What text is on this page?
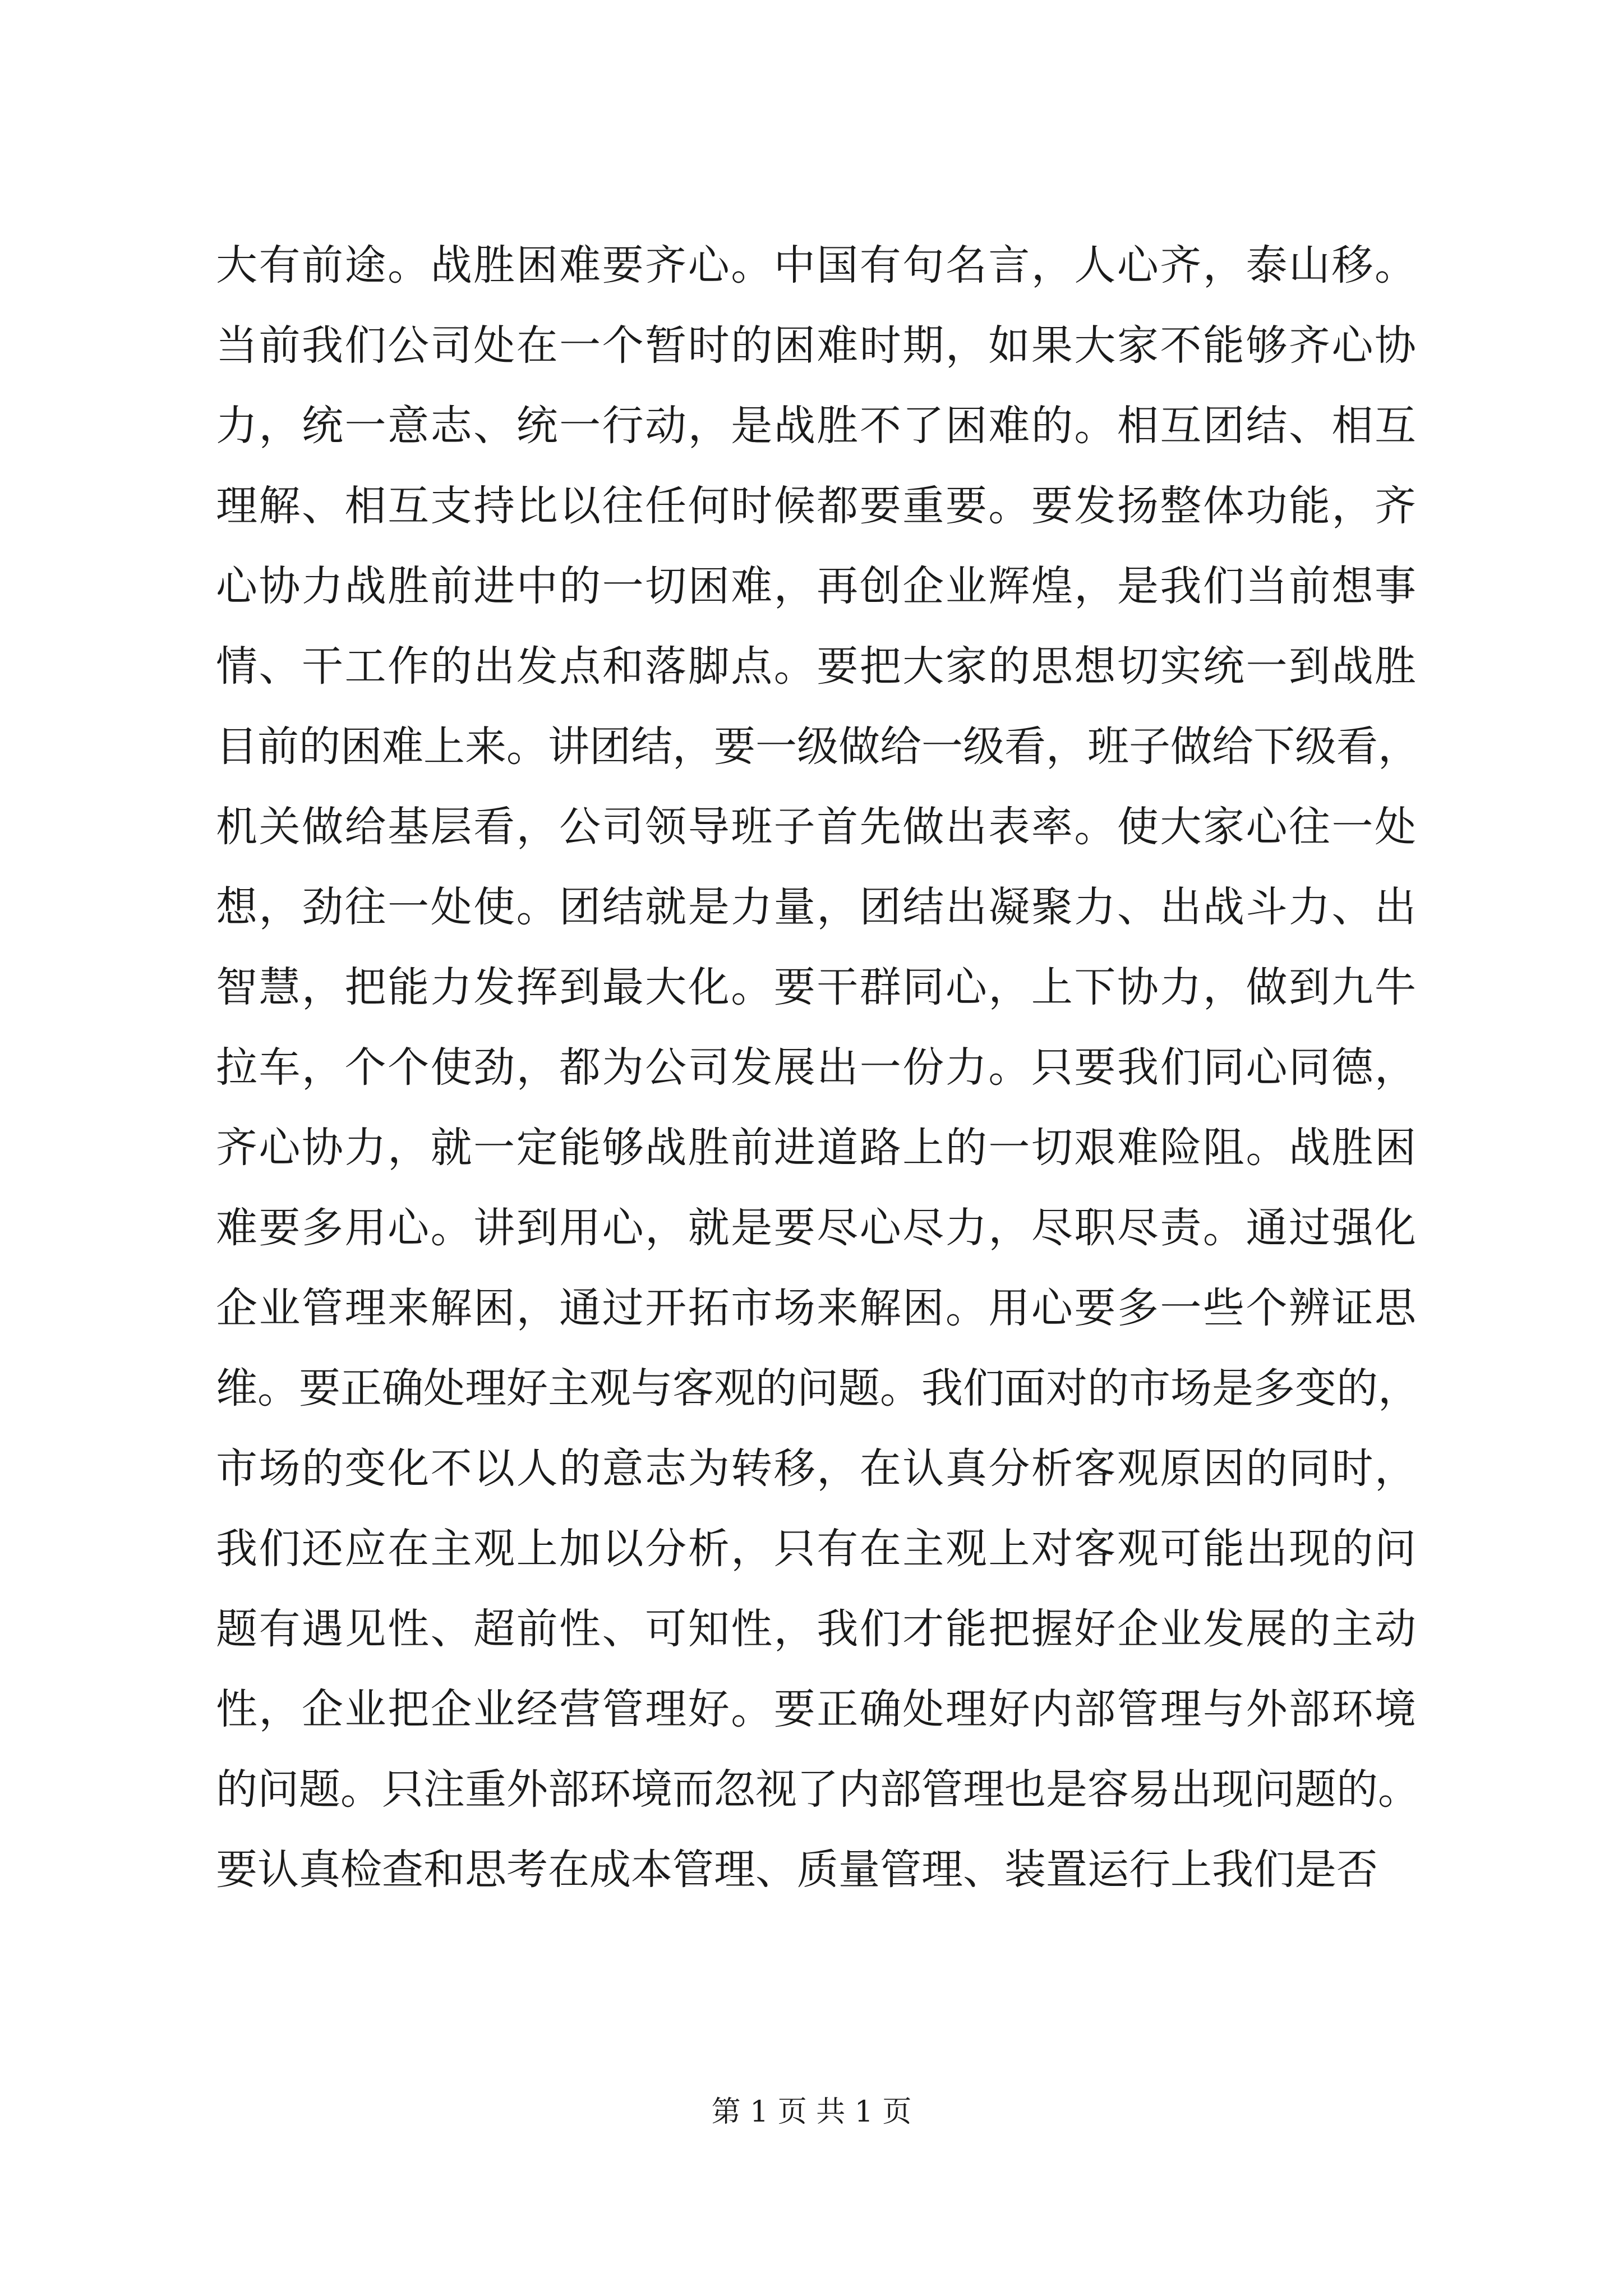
大有前途。战胜困难要齐心。中国有句名言，人心齐，泰山移。
当前我们公司处在一个暂时的困难时期，如果大家不能够齐心协
力，统一意志、统一行动，是战胜不了困难的。相互团结、相互
理解、相互支持比以往任何时候都要重要。要发扬整体功能，齐
心协力战胜前进中的一切困难，再创企业辉煌，是我们当前想事
情、干工作的出发点和落脚点。要把大家的思想切实统一到战胜
目前的困难上来。讲团结，要一级做给一级看，班子做给下级看，
机关做给基层看，公司领导班子首先做出表率。使大家心往一处
想，劲往一处使。团结就是力量，团结出凝聚力、出战斗力、出
智慧，把能力发挥到最大化。要干群同心，上下协力，做到九牛
拉车，个个使劲，都为公司发展出一份力。只要我们同心同德，
齐心协力，就一定能够战胜前进道路上的一切艰难险阻。战胜困
难要多用心。讲到用心，就是要尽心尽力，尽职尽责。通过强化
企业管理来解困，通过开拓市场来解困。用心要多一些个辨证思
维。要正确处理好主观与客观的问题。我们面对的市场是多变的，
市场的变化不以人的意志为转移，在认真分析客观原因的同时，
我们还应在主观上加以分析，只有在主观上对客观可能出现的问
题有遇见性、超前性、可知性，我们才能把握好企业发展的主动
性，企业把企业经营管理好。要正确处理好内部管理与外部环境
的问题。只注重外部环境而忽视了内部管理也是容易出现问题的。
要认真检查和思考在成本管理、质量管理、装置运行上我们是否
第 1 页 共 1 页
